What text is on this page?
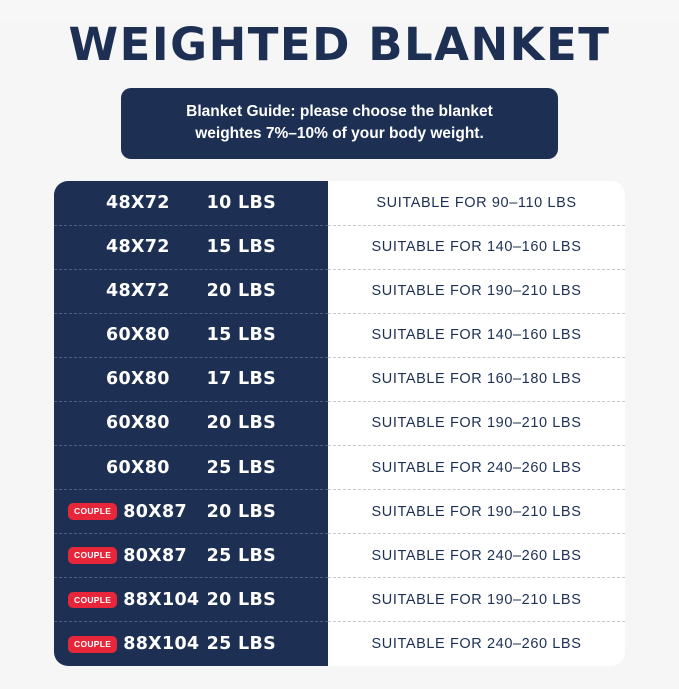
WEIGHTED BLANKET
Blanket Guide: please choose the blanket
weightes 7%–10% of your body weight.
48X72 10 LBS
48X72 15 LBS
48X72 20 LBS
60X80 15 LBS
60X80 17 LBS
60X80 20 LBS
60X80 25 LBS
COUPLE 80X87 20 LBS
COUPLE 80X87 25 LBS
COUPLE 88X104 20 LBS
COUPLE 88X104 25 LBS
SUITABLE FOR 90–110 LBS
SUITABLE FOR 140–160 LBS
SUITABLE FOR 190–210 LBS
SUITABLE FOR 140–160 LBS
SUITABLE FOR 160–180 LBS
SUITABLE FOR 190–210 LBS
SUITABLE FOR 240–260 LBS
SUITABLE FOR 190–210 LBS
SUITABLE FOR 240–260 LBS
SUITABLE FOR 190–210 LBS
SUITABLE FOR 240–260 LBS
